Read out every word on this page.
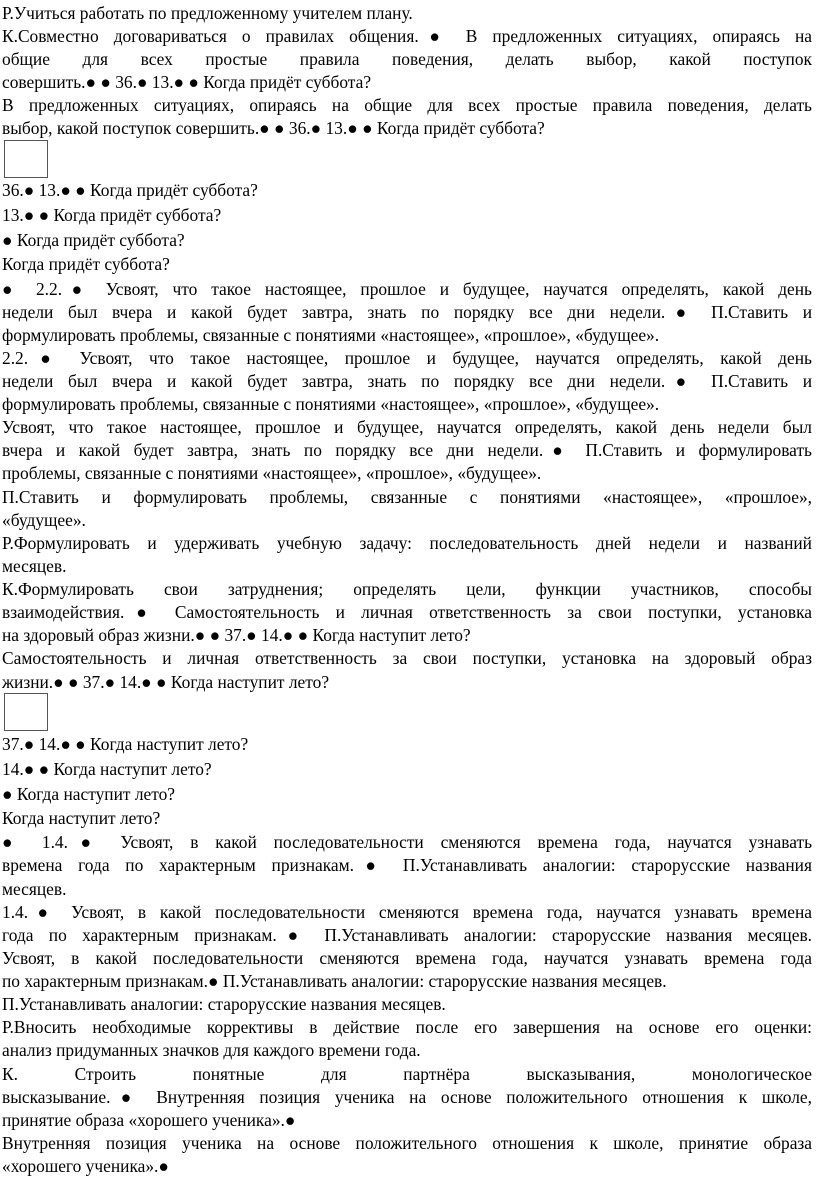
Р.Учиться работать по предложенному учителем плану.
К.Совместно договариваться о правилах общения.● В предложенных ситуациях, опираясь на
общие для всех простые правила поведения, делать выбор, какой поступок
совершить.● ● 36.● 13.● ● Когда придёт суббота?
В предложенных ситуациях, опираясь на общие для всех простые правила поведения, делать
выбор, какой поступок совершить.● ● 36.● 13.● ● Когда придёт суббота?
36.● 13.● ● Когда придёт суббота?
13.● ● Когда придёт суббота?
● Когда придёт суббота?
Когда придёт суббота?
● 2.2.● Усвоят, что такое настоящее, прошлое и будущее, научатся определять, какой день
недели был вчера и какой будет завтра, знать по порядку все дни недели.● П.Ставить и
формулировать проблемы, связанные с понятиями «настоящее», «прошлое», «будущее».
2.2.● Усвоят, что такое настоящее, прошлое и будущее, научатся определять, какой день
недели был вчера и какой будет завтра, знать по порядку все дни недели.● П.Ставить и
формулировать проблемы, связанные с понятиями «настоящее», «прошлое», «будущее».
Усвоят, что такое настоящее, прошлое и будущее, научатся определять, какой день недели был
вчера и какой будет завтра, знать по порядку все дни недели.● П.Ставить и формулировать
проблемы, связанные с понятиями «настоящее», «прошлое», «будущее».
П.Ставить и формулировать проблемы, связанные с понятиями «настоящее», «прошлое»,
«будущее».
Р.Формулировать и удерживать учебную задачу: последовательность дней недели и названий
месяцев.
К.Формулировать свои затруднения; определять цели, функции участников, способы
взаимодействия.● Самостоятельность и личная ответственность за свои поступки, установка
на здоровый образ жизни.● ● 37.● 14.● ● Когда наступит лето?
Самостоятельность и личная ответственность за свои поступки, установка на здоровый образ
жизни.● ● 37.● 14.● ● Когда наступит лето?
37.● 14.● ● Когда наступит лето?
14.● ● Когда наступит лето?
● Когда наступит лето?
Когда наступит лето?
● 1.4.● Усвоят, в какой последовательности сменяются времена года, научатся узнавать
времена года по характерным признакам.● П.Устанавливать аналогии: старорусские названия
месяцев.
1.4.● Усвоят, в какой последовательности сменяются времена года, научатся узнавать времена
года по характерным признакам.● П.Устанавливать аналогии: старорусские названия месяцев.
Усвоят, в какой последовательности сменяются времена года, научатся узнавать времена года
по характерным признакам.● П.Устанавливать аналогии: старорусские названия месяцев.
П.Устанавливать аналогии: старорусские названия месяцев.
Р.Вносить необходимые коррективы в действие после его завершения на основе его оценки:
анализ придуманных значков для каждого времени года.
К. Строить понятные для партнёра высказывания, монологическое
высказывание.● Внутренняя позиция ученика на основе положительного отношения к школе,
принятие образа «хорошего ученика».●
Внутренняя позиция ученика на основе положительного отношения к школе, принятие образа
«хорошего ученика».●
